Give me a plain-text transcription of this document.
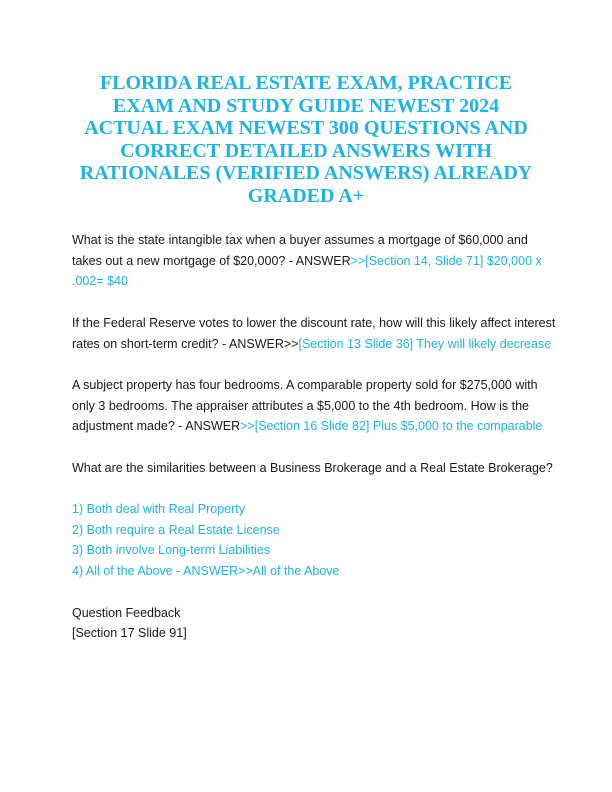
FLORIDA REAL ESTATE EXAM, PRACTICE
EXAM AND STUDY GUIDE NEWEST 2024
ACTUAL EXAM NEWEST 300 QUESTIONS AND
CORRECT DETAILED ANSWERS WITH
RATIONALES (VERIFIED ANSWERS) ALREADY
GRADED A+
What is the state intangible tax when a buyer assumes a mortgage of $60,000 and
takes out a new mortgage of $20,000? - ANSWER>>[Section 14, Slide 71] $20,000 x
.002= $40
If the Federal Reserve votes to lower the discount rate, how will this likely affect interest
rates on short-term credit? - ANSWER>>[Section 13 Slide 36] They will likely decrease
A subject property has four bedrooms. A comparable property sold for $275,000 with
only 3 bedrooms. The appraiser attributes a $5,000 to the 4th bedroom. How is the
adjustment made? - ANSWER>>[Section 16 Slide 82] Plus $5,000 to the comparable
What are the similarities between a Business Brokerage and a Real Estate Brokerage?
1) Both deal with Real Property
2) Both require a Real Estate License
3) Both involve Long-term Liabilities
4) All of the Above - ANSWER>>All of the Above
Question Feedback
[Section 17 Slide 91]
